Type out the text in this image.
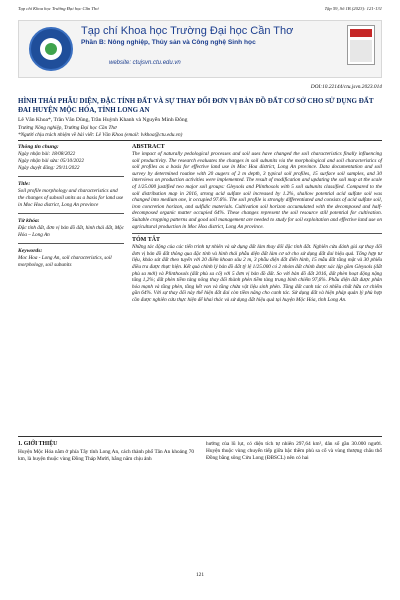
Tạp chí Khoa học Trường Đại học Cần Thơ	Tập 59, Số 1B (2023): 121-131
Tạp chí Khoa học Trường Đại học Cần Thơ
Phần B: Nông nghiệp, Thủy sản và Công nghệ Sinh học
website: ctujsvn.ctu.edu.vn
DOI:10.22144/ctu.jsvn.2023.014
HÌNH THÁI PHẪU DIỆN, ĐẶC TÍNH ĐẤT VÀ SỰ THAY ĐỔI ĐƠN VỊ BẢN ĐỒ ĐẤT CƠ SỞ CHO SỬ DỤNG ĐẤT ĐAI HUYỆN MỘC HÓA, TỈNH LONG AN
Lê Văn Khoa*, Trần Văn Dũng, Trần Huỳnh Khanh và Nguyễn Minh Đông
Trường Nông nghiệp, Trường Đại học Cần Thơ
*Người chịu trách nhiệm về bài viết: Lê Văn Khoa (email: lvkhoa@ctu.edu.vn)
Thông tin chung:
Ngày nhận bài: 18/08/2022
Ngày nhận bài sửa: 05/10/2022
Ngày duyệt đăng: 29/11/2022
Title:
Soil profile morphology and characteristics and the changes of subsoil units as a basis for land use in Moc Hoa district, Long An province
Từ khóa:
Đặc tính đất, đơn vị bản đồ đất, hình thái đất, Mộc Hóa – Long An
Keywords:
Moc Hoa - Long An, soil characteristics, soil morphology, soil subunits
ABSTRACT
The impact of naturally pedological processes and soil uses have changed the soil characteristics finally influencing soil productivity. The research evaluates the changes in soil subunits via the morphological and soil characteristics of soil profiles as a basis for effective land use in Moc Hoa district, Long An province. Data documentation and soil survey by determined routine with 20 augers of 2 m depth, 3 typical soil profiles, 15 surface soil samples, and 30 interviews on production activities were implemented. The result of modification and updating the soil map at the scale of 1/25.000 justified two major soil groups: Gleysols and Plinthosols with 5 soil subunits classified. Compared to the soil distribution map in 2016, strong acid sulfate soil increased by 1.2%, shallow potential acid sulfate soil was changed into medium one, it occupied 97.6%. The soil profile is strongly differentiated and consists of acid sulfate soil, iron concretion horizon, and sulfidic materials. Cultivation soil horizon accumulated with the decomposed and half-decomposed organic matter occupied 64%. These changes represent the soil resource still potential for cultivation. Suitable cropping patterns and good soil management are needed to study for soil exploitation and effective land use on agricultural production in Moc Hoa district, Long An province.
TÓM TẮT
Những tác động của các tiến trình tự nhiên và sử dụng đất làm thay đổi đặc tính đất. Nghiên cứu đánh giá sự thay đổi đơn vị bản đồ đất thông qua đặc tính và hình thái phẫu diện đất làm cơ sở cho sử dụng đất đai hiệu quả. Tổng hợp tư liệu, khảo sát đất theo tuyến với 20 điểm khoan sâu 2 m, 3 phẫu diện đất điển hình, 15 mẫu đất tầng mặt và 30 phiếu điều tra được thực hiện. Kết quả chỉnh lý bản đồ đất tỷ lệ 1/25.000 có 2 nhóm đất chính được xác lập gồm Gleysols (đất phù sa mới) và Plinthosols (đất phù sa cổ) với 5 đơn vị bản đồ đất. So với bản đồ đất 2016, đất phèn hoạt động nặng tăng 1,2%; đất phèn tiềm tàng nông thay đổi thành phèn tiềm tàng trung bình chiếm 97,6%. Phẫu diện đất được phân hóa mạnh và tầng phèn, tầng kết von và tầng chứa vật liệu sinh phèn. Tầng đất canh tác có nhiều chất hữu cơ chiếm gần 64%. Với sự thay đổi này thể hiện đất đai còn tiềm năng cho canh tác. Sử dụng đất và hiện pháp quản lý phù hợp cần được nghiên cứu thực hiện để khai thác và sử dụng đất hiệu quả tại huyện Mộc Hóa, tỉnh Long An.
1. GIỚI THIỆU
Huyện Mộc Hóa nằm ở phía Tây tỉnh Long An, cách thành phố Tân An khoảng 70 km, là huyện thuộc vùng Đồng Tháp Mười, hằng năm chịu ảnh
hưởng của lũ lụt, có diện tích tự nhiên 297,64 km², dân số gần 30.000 người. Huyện thuộc vùng chuyển tiếp giữa bậc thềm phù sa cổ và vùng thượng châu thổ Đồng bằng sông Cửu Long (ĐBSCL) nên có hai
121
